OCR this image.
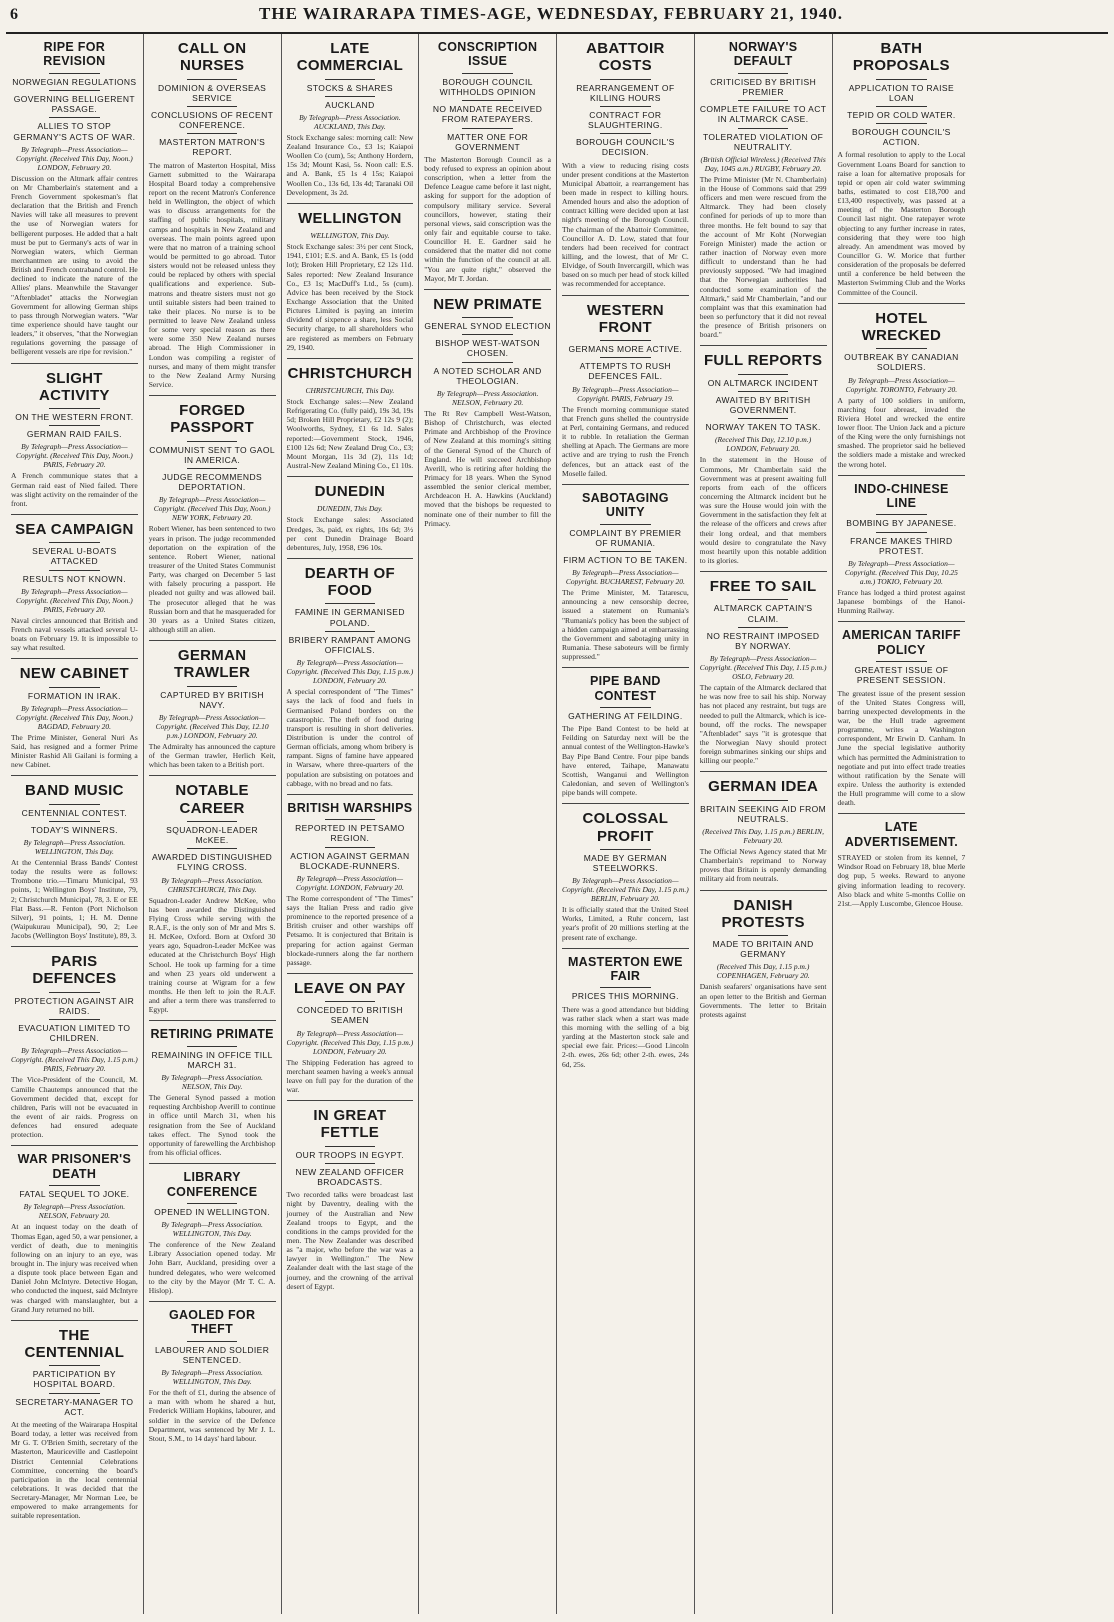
6	THE WAIRARAPA TIMES-AGE, WEDNESDAY, FEBRUARY 21, 1940.
RIPE FOR REVISION
NORWEGIAN REGULATIONS
GOVERNING BELLIGERENT PASSAGE.
ALLIES TO STOP GERMANY'S ACTS OF WAR.
By Telegraph—Press Association—Copyright. (Received This Day, Noon.) LONDON, February 20.
Discussion on the Altmark affair centres on Mr Chamberlain's statement and a French Government spokesman's flat declaration that the British and French Navies will take all measures to prevent the use of Norwegian waters for belligerent purposes. He added that a halt must be put to Germany's acts of war in Norwegian waters, which German merchantmen are using to avoid the British and French contraband control. He declined to indicate the nature of the Allies' plans. Meanwhile the Stavanger "Aftenbladet" attacks the Norwegian Government for allowing German ships to pass through Norwegian waters. "War time experience should have taught our leaders," it observes, "that the Norwegian regulations governing the passage of belligerent vessels are ripe for revision."
SLIGHT ACTIVITY
ON THE WESTERN FRONT.
GERMAN RAID FAILS.
By Telegraph—Press Association—Copyright. (Received This Day, Noon.) PARIS, February 20.
A French communique states that a German raid east of Nied failed. There was slight activity on the remainder of the front.
SEA CAMPAIGN
SEVERAL U-BOATS ATTACKED
RESULTS NOT KNOWN.
By Telegraph—Press Association—Copyright. (Received This Day, Noon.) PARIS, February 20.
Naval circles announced that British and French naval vessels attacked several U-boats on February 19. It is impossible to say what resulted.
NEW CABINET
FORMATION IN IRAK.
By Telegraph—Press Association—Copyright. (Received This Day, Noon.) BAGDAD, February 20.
The Prime Minister, General Nuri As Said, has resigned and a former Prime Minister Rashid Ali Gailani is forming a new Cabinet.
BAND MUSIC
CENTENNIAL CONTEST.
TODAY'S WINNERS.
By Telegraph—Press Association. WELLINGTON, This Day.
At the Centennial Brass Bands' Contest today the results were as follows: Trombone trio.—Timaru Municipal, 93 points, 1; Wellington Boys' Institute, 79, 2; Christchurch Municipal, 78, 3. E or EE Flat Bass.—R. Fenton (Port Nicholson Silver), 91 points, 1; H. M. Denne (Waipukurau Municipal), 90, 2; Lee Jacobs (Wellington Boys' Institute), 89, 3.
PARIS DEFENCES
PROTECTION AGAINST AIR RAIDS.
EVACUATION LIMITED TO CHILDREN.
By Telegraph—Press Association—Copyright. (Received This Day, 1.15 p.m.) PARIS, February 20.
The Vice-President of the Council, M. Camille Chautemps announced that the Government decided that, except for children, Paris will not be evacuated in the event of air raids. Progress on defences had ensured adequate protection.
WAR PRISONER'S DEATH
FATAL SEQUEL TO JOKE.
By Telegraph—Press Association. NELSON, February 20.
At an inquest today on the death of Thomas Egan, aged 50, a war pensioner, a verdict of death, due to meningitis following on an injury to an eye, was brought in. The injury was received when a dispute took place between Egan and Daniel John McIntyre. Detective Hogan, who conducted the inquest, said McIntyre was charged with manslaughter, but a Grand Jury returned no bill.
THE CENTENNIAL
PARTICIPATION BY HOSPITAL BOARD.
SECRETARY-MANAGER TO ACT.
At the meeting of the Wairarapa Hospital Board today, a letter was received from Mr G. T. O'Brien Smith, secretary of the Masterton, Mauriceville and Castlepoint District Centennial Celebrations Committee, concerning the board's participation in the local centennial celebrations. It was decided that the Secretary-Manager, Mr Norman Lee, be empowered to make arrangements for suitable representation.
CALL ON NURSES
DOMINION & OVERSEAS SERVICE
CONCLUSIONS OF RECENT CONFERENCE.
MASTERTON MATRON'S REPORT.
The matron of Masterton Hospital, Miss Garnett submitted to the Wairarapa Hospital Board today a comprehensive report on the recent Matron's Conference held in Wellington, the object of which was to discuss arrangements for the staffing of public hospitals, military camps and hospitals in New Zealand and overseas. The main points agreed upon were that no matron of a training school would be permitted to go abroad. Tutor sisters would not be released unless they could be replaced by others with special qualifications and experience. Sub-matrons and theatre sisters must not go until suitable sisters had been trained to take their places. No nurse is to be permitted to leave New Zealand unless for some very special reason as there were some 350 New Zealand nurses abroad. The High Commissioner in London was compiling a register of nurses, and many of them might transfer to the New Zealand Army Nursing Service.
FORGED PASSPORT
COMMUNIST SENT TO GAOL IN AMERICA.
JUDGE RECOMMENDS DEPORTATION.
By Telegraph—Press Association—Copyright. (Received This Day, Noon.) NEW YORK, February 20.
Robert Wiener, has been sentenced to two years in prison. The judge recommended deportation on the expiration of the sentence. Robert Wiener, national treasurer of the United States Communist Party, was charged on December 5 last with falsely procuring a passport. He pleaded not guilty and was allowed bail. The prosecutor alleged that he was Russian born and that he masqueraded for 30 years as a United States citizen, although still an alien.
GERMAN TRAWLER
CAPTURED BY BRITISH NAVY.
By Telegraph—Press Association—Copyright. (Received This Day, 12.10 p.m.) LONDON, February 20.
The Admiralty has announced the capture of the German trawler, Herlich Keit, which has been taken to a British port.
NOTABLE CAREER
SQUADRON-LEADER McKEE.
AWARDED DISTINGUISHED FLYING CROSS.
By Telegraph—Press Association. CHRISTCHURCH, This Day.
Squadron-Leader Andrew McKee, who has been awarded the Distinguished Flying Cross while serving with the R.A.F., is the only son of Mr and Mrs S. H. McKee, Oxford. Born at Oxford 30 years ago, Squadron-Leader McKee was educated at the Christchurch Boys' High School. He took up farming for a time and when 23 years old underwent a training course at Wigram for a few months. He then left to join the R.A.F. and after a term there was transferred to Egypt.
RETIRING PRIMATE
REMAINING IN OFFICE TILL MARCH 31.
By Telegraph—Press Association. NELSON, This Day.
The General Synod passed a motion requesting Archbishop Averill to continue in office until March 31, when his resignation from the See of Auckland takes effect. The Synod took the opportunity of farewelling the Archbishop from his official offices.
LIBRARY CONFERENCE
OPENED IN WELLINGTON.
By Telegraph—Press Association. WELLINGTON, This Day.
The conference of the New Zealand Library Association opened today. Mr John Barr, Auckland, presiding over a hundred delegates, who were welcomed to the city by the Mayor (Mr T. C. A. Hislop).
GAOLED FOR THEFT
LABOURER AND SOLDIER SENTENCED.
By Telegraph—Press Association. WELLINGTON, This Day.
For the theft of £1, during the absence of a man with whom he shared a hut, Frederick William Hopkins, labourer, and soldier in the service of the Defence Department, was sentenced by Mr J. L. Stout, S.M., to 14 days' hard labour.
LATE COMMERCIAL
STOCKS & SHARES
AUCKLAND
By Telegraph—Press Association. AUCKLAND, This Day.
Stock Exchange sales: morning call: New Zealand Insurance Co., £3 1s; Kaiapoi Woollen Co (cum), 5s; Anthony Hordern, 15s 3d; Mount Kasi, 5s. Noon call: E.S. and A. Bank, £5 1s 4 15s; Kaiapoi Woollen Co., 13s 6d, 13s 4d; Taranaki Oil Development, 3s 2d.
WELLINGTON
WELLINGTON, This Day.
Stock Exchange sales: 3½ per cent Stock, 1941, £101; E.S. and A. Bank, £5 1s (odd lot); Broken Hill Proprietary, £2 12s 11d. Sales reported: New Zealand Insurance Co., £3 1s; MacDuff's Ltd., 5s (cum). Advice has been received by the Stock Exchange Association that the United Pictures Limited is paying an interim dividend of sixpence a share, less Social Security charge, to all shareholders who are registered as members on February 29, 1940.
CHRISTCHURCH
CHRISTCHURCH, This Day.
Stock Exchange sales:—New Zealand Refrigerating Co. (fully paid), 19s 3d, 19s 5d; Broken Hill Proprietary, £2 12s 9 (2); Woolworths, Sydney, £1 6s 1d. Sales reported:—Government Stock, 1946, £100 12s 6d; New Zealand Drug Co., £3; Mount Morgan, 11s 3d (2), 11s 1d; Austral-New Zealand Mining Co., £1 10s.
DUNEDIN
DUNEDIN, This Day.
Stock Exchange sales: Associated Dredges, 3s, paid, ex rights, 10s 6d; 3½ per cent Dunedin Drainage Board debentures, July, 1958, £96 10s.
DEARTH OF FOOD
FAMINE IN GERMANISED POLAND.
BRIBERY RAMPANT AMONG OFFICIALS.
By Telegraph—Press Association—Copyright. (Received This Day, 1.15 p.m.) LONDON, February 20.
A special correspondent of "The Times" says the lack of food and fuels in Germanised Poland borders on the catastrophic. The theft of food during transport is resulting in short deliveries. Distribution is under the control of German officials, among whom bribery is rampant. Signs of famine have appeared in Warsaw, where three-quarters of the population are subsisting on potatoes and cabbage, with no bread and no fats.
BRITISH WARSHIPS
REPORTED IN PETSAMO REGION.
ACTION AGAINST GERMAN BLOCKADE-RUNNERS.
By Telegraph—Press Association—Copyright. LONDON, February 20.
The Rome correspondent of "The Times" says the Italian Press and radio give prominence to the reported presence of a British cruiser and other warships off Petsamo. It is conjectured that Britain is preparing for action against German blockade-runners along the far northern passage.
LEAVE ON PAY
CONCEDED TO BRITISH SEAMEN
By Telegraph—Press Association—Copyright. (Received This Day, 1.15 p.m.) LONDON, February 20.
The Shipping Federation has agreed to merchant seamen having a week's annual leave on full pay for the duration of the war.
IN GREAT FETTLE
OUR TROOPS IN EGYPT.
NEW ZEALAND OFFICER BROADCASTS.
Two recorded talks were broadcast last night by Daventry, dealing with the journey of the Australian and New Zealand troops to Egypt, and the conditions in the camps provided for the men. The New Zealander was described as "a major, who before the war was a lawyer in Wellington." The New Zealander dealt with the last stage of the journey, and the crowning of the arrival desert of Egypt.
CONSCRIPTION ISSUE
BOROUGH COUNCIL WITHHOLDS OPINION
NO MANDATE RECEIVED FROM RATEPAYERS.
MATTER ONE FOR GOVERNMENT
The Masterton Borough Council as a body refused to express an opinion about conscription, when a letter from the Defence League came before it last night, asking for support for the adoption of compulsory military service. Several councillors, however, stating their personal views, said conscription was the only fair and equitable course to take. Councillor H. E. Gardner said he considered that the matter did not come within the function of the council at all. "You are quite right," observed the Mayor, Mr T. Jordan.
NEW PRIMATE
GENERAL SYNOD ELECTION
BISHOP WEST-WATSON CHOSEN.
A NOTED SCHOLAR AND THEOLOGIAN.
By Telegraph—Press Association. NELSON, February 20.
The Rt Rev Campbell West-Watson, Bishop of Christchurch, was elected Primate and Archbishop of the Province of New Zealand at this morning's sitting of the General Synod of the Church of England. He will succeed Archbishop Averill, who is retiring after holding the Primacy for 18 years. When the Synod assembled the senior clerical member, Archdeacon H. A. Hawkins (Auckland) moved that the bishops be requested to nominate one of their number to fill the Primacy.
ABATTOIR COSTS
REARRANGEMENT OF KILLING HOURS
CONTRACT FOR SLAUGHTERING.
BOROUGH COUNCIL'S DECISION.
With a view to reducing rising costs under present conditions at the Masterton Municipal Abattoir, a rearrangement has been made in respect to killing hours. Amended hours and also the adoption of contract killing were decided upon at last night's meeting of the Borough Council. The chairman of the Abattoir Committee, Councillor A. D. Low, stated that four tenders had been received for contract killing, and the lowest, that of Mr C. Elvidge, of South Invercargill, which was based on so much per head of stock killed was recommended for acceptance.
WESTERN FRONT
GERMANS MORE ACTIVE.
ATTEMPTS TO RUSH DEFENCES FAIL.
By Telegraph—Press Association—Copyright. PARIS, February 19.
The French morning communique stated that French guns shelled the countryside at Perl, containing Germans, and reduced it to rubble. In retaliation the German shelling at Apach. The Germans are more active and are trying to rush the French defences, but an attack east of the Moselle failed.
SABOTAGING UNITY
COMPLAINT BY PREMIER OF RUMANIA.
FIRM ACTION TO BE TAKEN.
By Telegraph—Press Association—Copyright. BUCHAREST, February 20.
The Prime Minister, M. Tatarescu, announcing a new censorship decree, issued a statement on Rumania's "Rumania's policy has been the subject of a hidden campaign aimed at embarrassing the Government and sabotaging unity in Rumania. These saboteurs will be firmly suppressed."
PIPE BAND CONTEST
GATHERING AT FEILDING.
The Pipe Band Contest to be held at Feilding on Saturday next will be the annual contest of the Wellington-Hawke's Bay Pipe Band Centre. Four pipe bands have entered, Taihape, Manawatu Scottish, Wanganui and Wellington Caledonian, and seven of Wellington's pipe bands will compete.
COLOSSAL PROFIT
MADE BY GERMAN STEELWORKS.
By Telegraph—Press Association—Copyright. (Received This Day, 1.15 p.m.) BERLIN, February 20.
It is officially stated that the United Steel Works, Limited, a Ruhr concern, last year's profit of 20 millions sterling at the present rate of exchange.
MASTERTON EWE FAIR
PRICES THIS MORNING.
There was a good attendance but bidding was rather slack when a start was made this morning with the selling of a big yarding at the Masterton stock sale and special ewe fair. Prices:—Good Lincoln 2-th. ewes, 26s 6d; other 2-th. ewes, 24s 6d, 25s.
NORWAY'S DEFAULT
CRITICISED BY BRITISH PREMIER
COMPLETE FAILURE TO ACT IN ALTMARCK CASE.
TOLERATED VIOLATION OF NEUTRALITY.
(British Official Wireless.) (Received This Day, 1045 a.m.) RUGBY, February 20.
The Prime Minister (Mr N. Chamberlain) in the House of Commons said that 299 officers and men were rescued from the Altmarck. They had been closely confined for periods of up to more than three months. He felt bound to say that the account of Mr Koht (Norwegian Foreign Minister) made the action or rather inaction of Norway even more difficult to understand than he had previously supposed. "We had imagined that the Norwegian authorities had conducted some examination of the Altmark," said Mr Chamberlain, "and our complaint was that this examination had been so perfunctory that it did not reveal the presence of British prisoners on board."
FULL REPORTS
ON ALTMARCK INCIDENT
AWAITED BY BRITISH GOVERNMENT.
NORWAY TAKEN TO TASK.
(Received This Day, 12.10 p.m.) LONDON, February 20.
In the statement in the House of Commons, Mr Chamberlain said the Government was at present awaiting full reports from each of the officers concerning the Altmarck incident but he was sure the House would join with the Government in the satisfaction they felt at the release of the officers and crews after their long ordeal, and that members would desire to congratulate the Navy most heartily upon this notable addition to its glories.
FREE TO SAIL
ALTMARCK CAPTAIN'S CLAIM.
NO RESTRAINT IMPOSED BY NORWAY.
By Telegraph—Press Association—Copyright. (Received This Day, 1.15 p.m.) OSLO, February 20.
The captain of the Altmarck declared that he was now free to sail his ship. Norway has not placed any restraint, but tugs are needed to pull the Altmarck, which is ice-bound, off the rocks. The newspaper "Aftenbladet" says "it is grotesque that the Norwegian Navy should protect foreign submarines sinking our ships and killing our people."
GERMAN IDEA
BRITAIN SEEKING AID FROM NEUTRALS.
(Received This Day, 1.15 p.m.) BERLIN, February 20.
The Official News Agency stated that Mr Chamberlain's reprimand to Norway proves that Britain is openly demanding military aid from neutrals.
DANISH PROTESTS
MADE TO BRITAIN AND GERMANY
(Received This Day, 1.15 p.m.) COPENHAGEN, February 20.
Danish seafarers' organisations have sent an open letter to the British and German Governments. The letter to Britain protests against
BATH PROPOSALS
APPLICATION TO RAISE LOAN
TEPID OR COLD WATER.
BOROUGH COUNCIL'S ACTION.
A formal resolution to apply to the Local Government Loans Board for sanction to raise a loan for alternative proposals for tepid or open air cold water swimming baths, estimated to cost £18,700 and £13,400 respectively, was passed at a meeting of the Masterton Borough Council last night. One ratepayer wrote objecting to any further increase in rates, considering that they were too high already. An amendment was moved by Councillor G. W. Morice that further consideration of the proposals be deferred until a conference be held between the Masterton Swimming Club and the Works Committee of the Council.
HOTEL WRECKED
OUTBREAK BY CANADIAN SOLDIERS.
By Telegraph—Press Association—Copyright. TORONTO, February 20.
A party of 100 soldiers in uniform, marching four abreast, invaded the Riviera Hotel and wrecked the entire lower floor. The Union Jack and a picture of the King were the only furnishings not smashed. The proprietor said he believed the soldiers made a mistake and wrecked the wrong hotel.
INDO-CHINESE LINE
BOMBING BY JAPANESE.
FRANCE MAKES THIRD PROTEST.
By Telegraph—Press Association—Copyright. (Received This Day, 10.25 a.m.) TOKIO, February 20.
France has lodged a third protest against Japanese bombings of the Hanoi-Hunming Railway.
AMERICAN TARIFF POLICY
GREATEST ISSUE OF PRESENT SESSION.
The greatest issue of the present session of the United States Congress will, barring unexpected developments in the war, be the Hull trade agreement programme, writes a Washington correspondent, Mr Erwin D. Canham. In June the special legislative authority which has permitted the Administration to negotiate and put into effect trade treaties without ratification by the Senate will expire. Unless the authority is extended the Hull programme will come to a slow death.
LATE ADVERTISEMENT.
STRAYED or stolen from its kennel, 7 Windsor Road on February 18, blue Merle dog pup, 5 weeks. Reward to anyone giving information leading to recovery. Also black and white 5-months Collie on 21st.—Apply Luscombe, Glencoe House.
